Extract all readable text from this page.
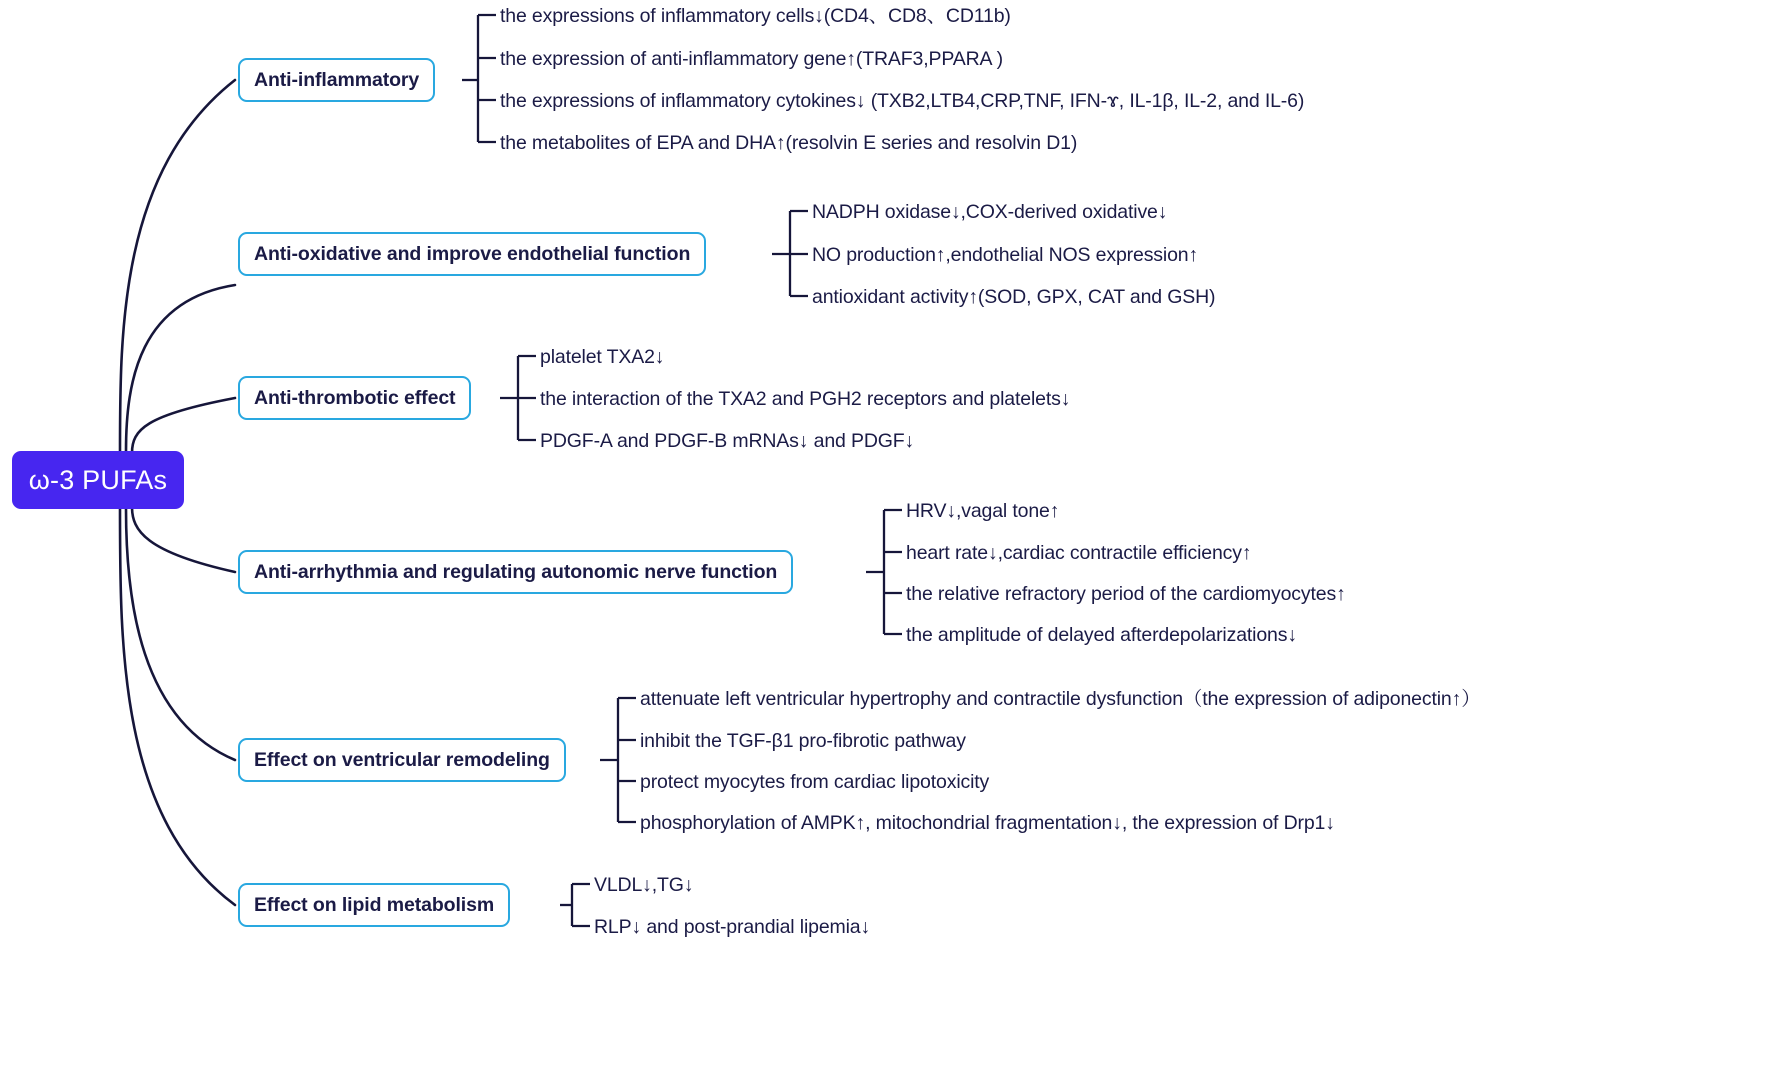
ω-3 PUFAs
Anti-inflammatory
the expressions of inflammatory cells↓(CD4、CD8、CD11b)
the expression of anti-inflammatory gene↑(TRAF3,PPARA )
the expressions of inflammatory cytokines↓ (TXB2,LTB4,CRP,TNF, IFN-ɤ, IL-1β, IL-2, and IL-6)
the metabolites of EPA and DHA↑(resolvin E series and resolvin D1)
Anti-oxidative and improve endothelial function
NADPH oxidase↓,COX-derived oxidative↓
NO production↑,endothelial NOS expression↑
antioxidant activity↑(SOD, GPX, CAT and GSH)
Anti-thrombotic effect
platelet TXA2↓
the interaction of the TXA2 and PGH2 receptors and platelets↓
PDGF-A and PDGF-B mRNAs↓ and PDGF↓
Anti-arrhythmia and regulating autonomic nerve function
HRV↓,vagal tone↑
heart rate↓,cardiac contractile efficiency↑
the relative refractory period of the cardiomyocytes↑
the amplitude of delayed afterdepolarizations↓
Effect on ventricular remodeling
attenuate left ventricular hypertrophy and contractile dysfunction（the expression of adiponectin↑）
inhibit the TGF-β1 pro-fibrotic pathway
protect myocytes from cardiac lipotoxicity
phosphorylation of AMPK↑, mitochondrial fragmentation↓, the expression of Drp1↓
Effect on lipid metabolism
VLDL↓,TG↓
RLP↓ and post-prandial lipemia↓
